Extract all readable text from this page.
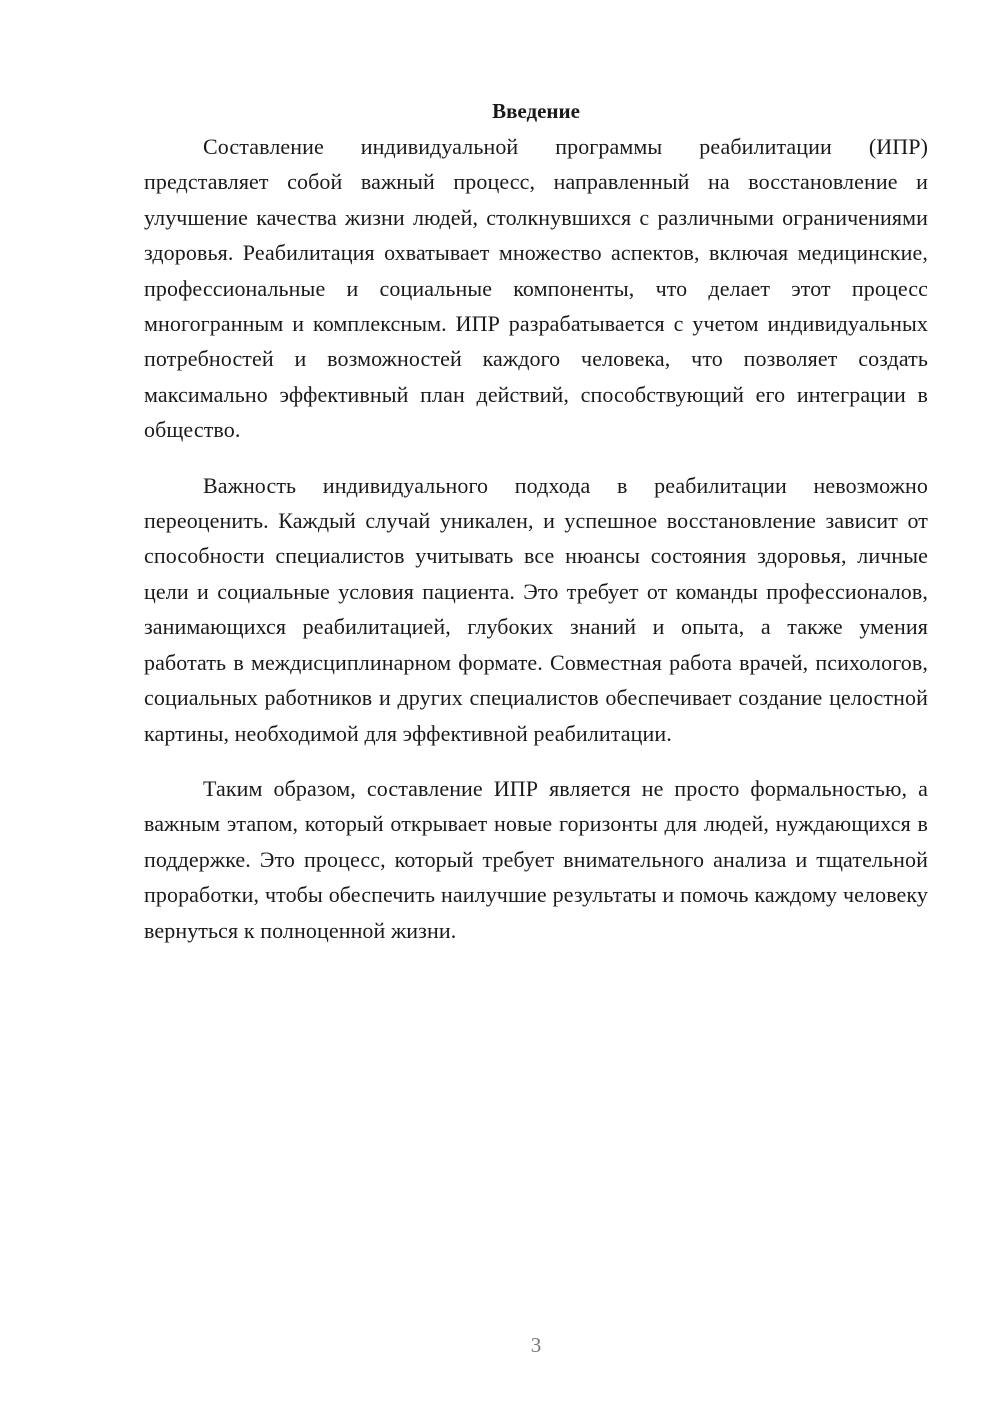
Введение

Составление индивидуальной программы реабилитации (ИПР) представляет собой важный процесс, направленный на восстановление и улучшение качества жизни людей, столкнувшихся с различными ограничениями здоровья. Реабилитация охватывает множество аспектов, включая медицинские, профессиональные и социальные компоненты, что делает этот процесс многогранным и комплексным. ИПР разрабатывается с учетом индивидуальных потребностей и возможностей каждого человека, что позволяет создать максимально эффективный план действий, способствующий его интеграции в общество.

Важность индивидуального подхода в реабилитации невозможно переоценить. Каждый случай уникален, и успешное восстановление зависит от способности специалистов учитывать все нюансы состояния здоровья, личные цели и социальные условия пациента. Это требует от команды профессионалов, занимающихся реабилитацией, глубоких знаний и опыта, а также умения работать в междисциплинарном формате. Совместная работа врачей, психологов, социальных работников и других специалистов обеспечивает создание целостной картины, необходимой для эффективной реабилитации.

Таким образом, составление ИПР является не просто формальностью, а важным этапом, который открывает новые горизонты для людей, нуждающихся в поддержке. Это процесс, который требует внимательного анализа и тщательной проработки, чтобы обеспечить наилучшие результаты и помочь каждому человеку вернуться к полноценной жизни.

3
